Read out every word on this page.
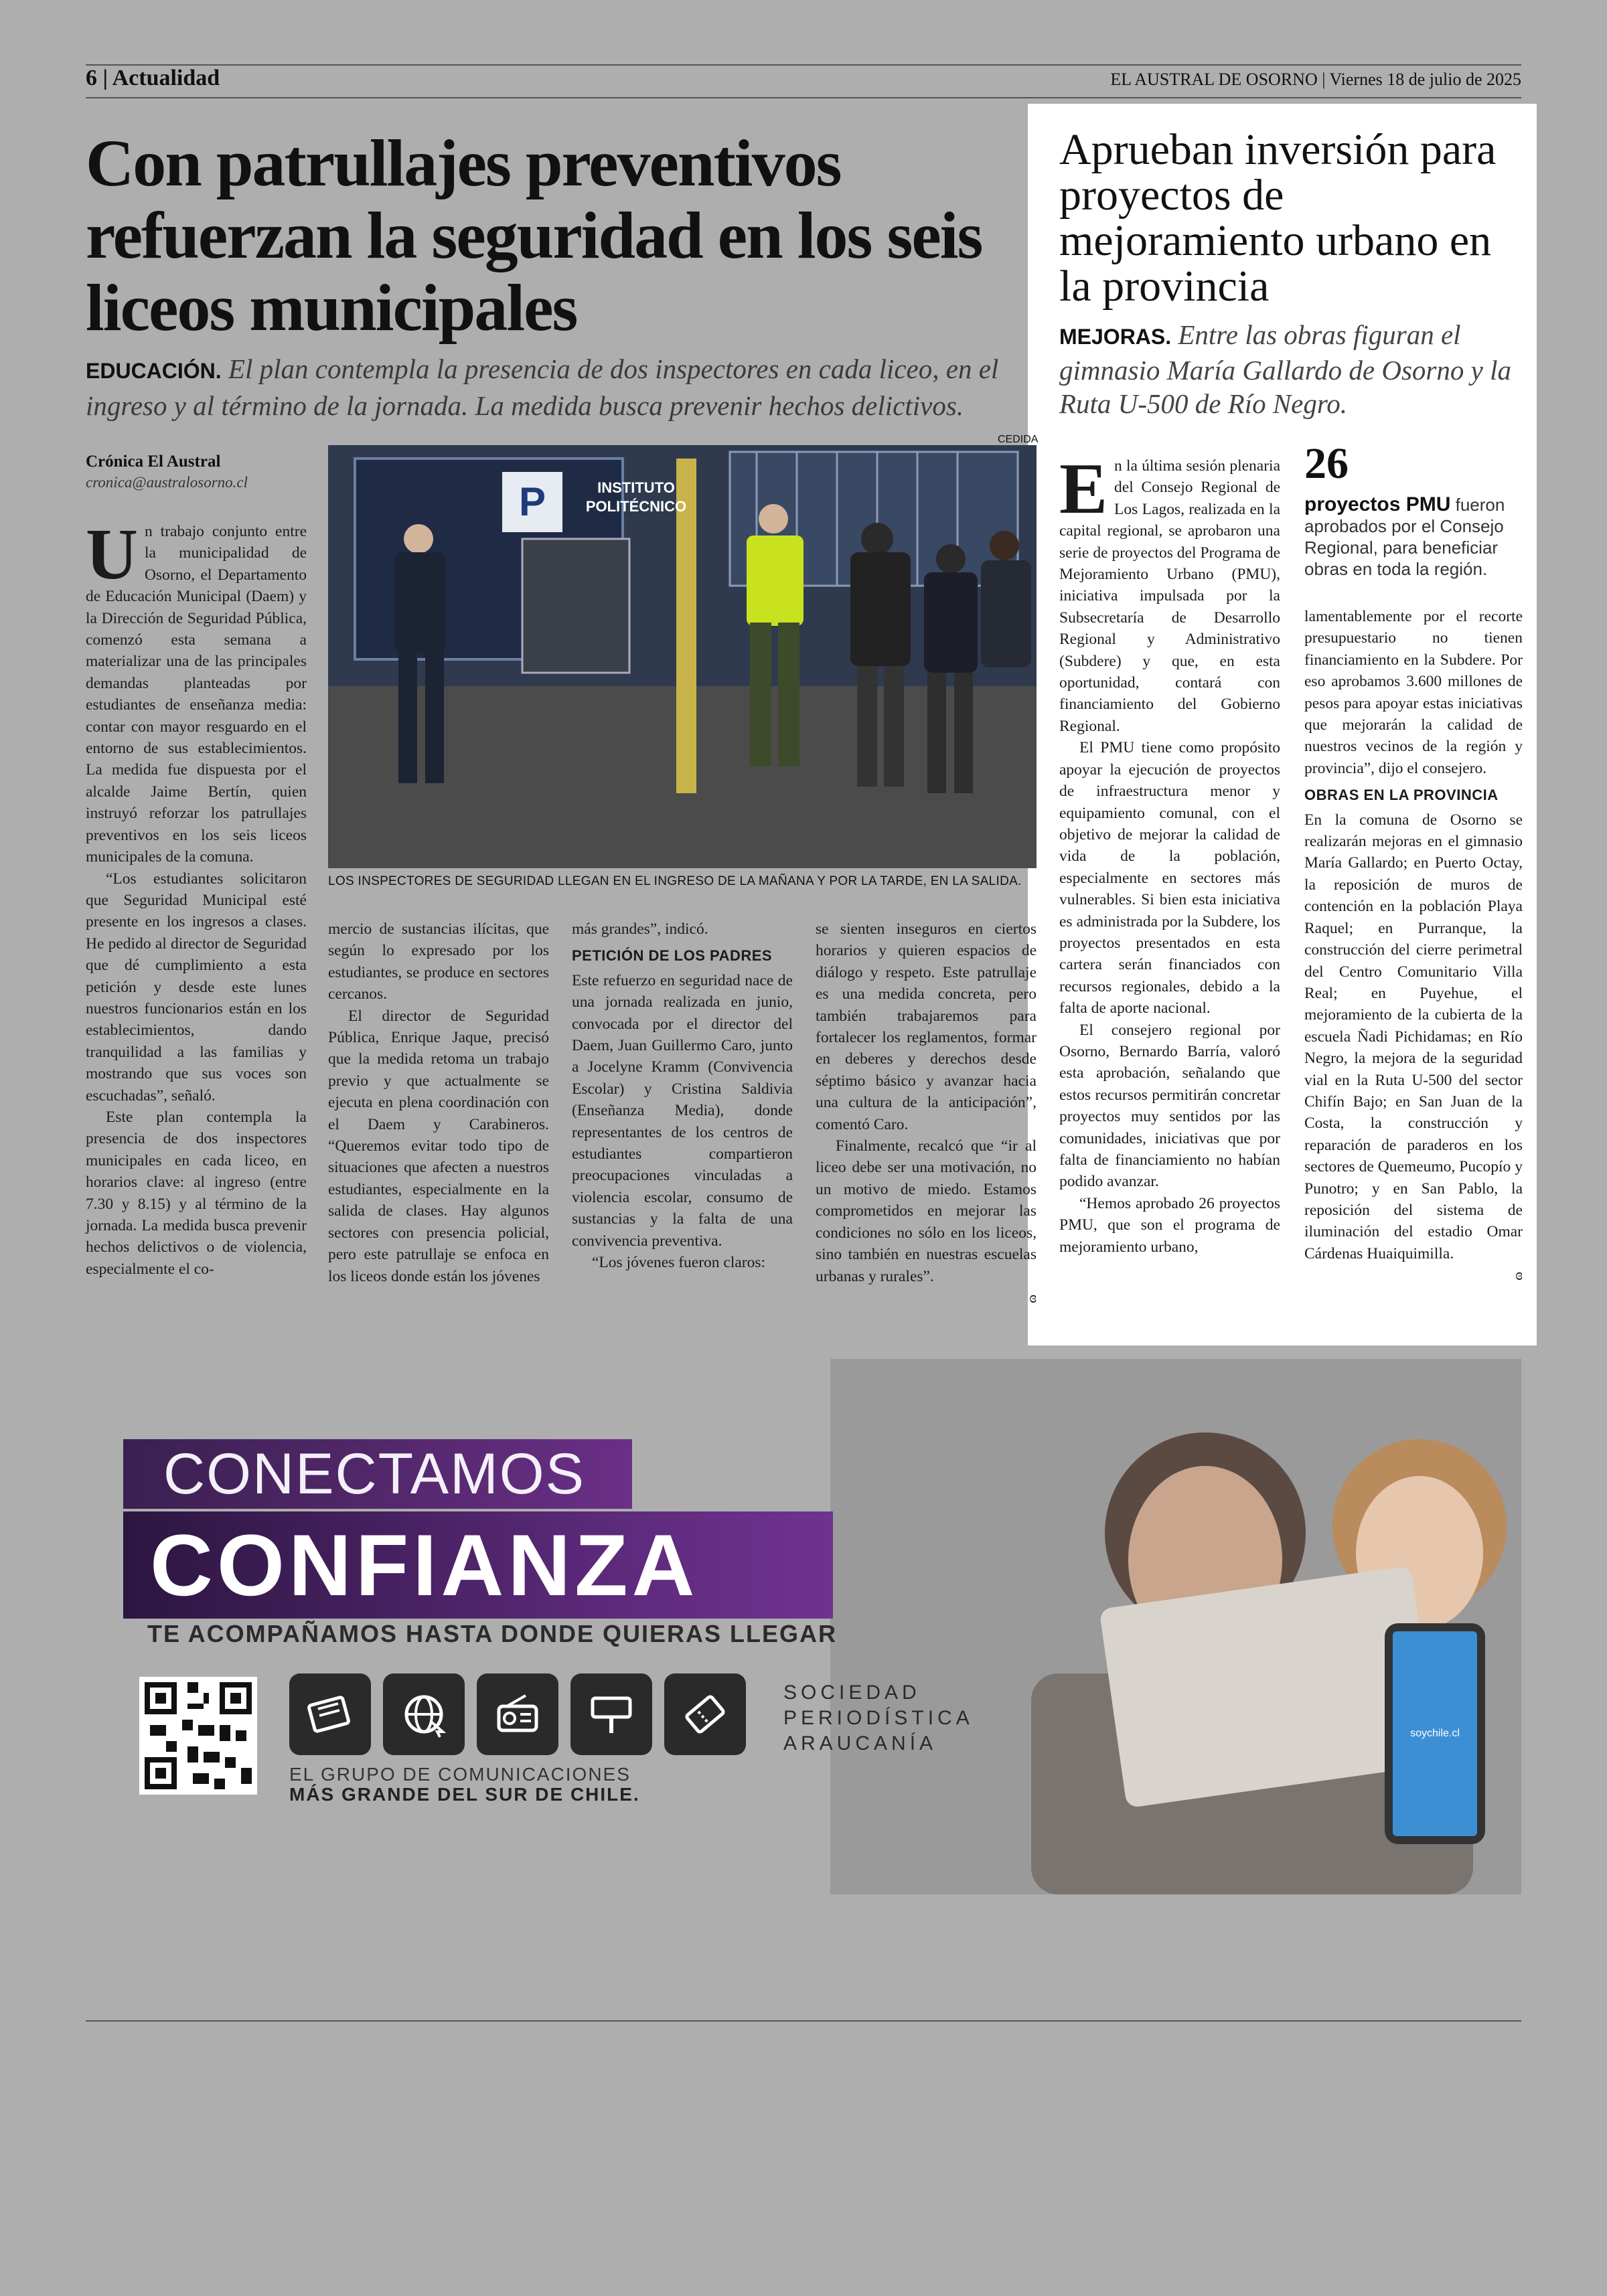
6 | Actualidad	EL AUSTRAL DE OSORNO | Viernes 18 de julio de 2025
Con patrullajes preventivos refuerzan la seguridad en los seis liceos municipales
EDUCACIÓN. El plan contempla la presencia de dos inspectores en cada liceo, en el ingreso y al término de la jornada. La medida busca prevenir hechos delictivos.
Crónica El Austral
cronica@australosorno.cl
CEDIDA
P	INSTITUTO POLITÉCNICO
LOS INSPECTORES DE SEGURIDAD LLEGAN EN EL INGRESO DE LA MAÑANA Y POR LA TARDE, EN LA SALIDA.
U n trabajo conjunto entre la municipalidad de Osorno, el Departamento de Educación Municipal (Daem) y la Dirección de Seguridad Pública, comenzó esta semana a materializar una de las principales demandas planteadas por estudiantes de enseñanza media: contar con mayor resguardo en el entorno de sus establecimientos. La medida fue dispuesta por el alcalde Jaime Bertín, quien instruyó reforzar los patrullajes preventivos en los seis liceos municipales de la comuna.

“Los estudiantes solicitaron que Seguridad Municipal esté presente en los ingresos a clases. He pedido al director de Seguridad que dé cumplimiento a esta petición y desde este lunes nuestros funcionarios están en los establecimientos, dando tranquilidad a las familias y mostrando que sus voces son escuchadas”, señaló.

Este plan contempla la presencia de dos inspectores municipales en cada liceo, en horarios clave: al ingreso (entre 7.30 y 8.15) y al término de la jornada. La medida busca prevenir hechos delictivos o de violencia, especialmente el co-

mercio de sustancias ilícitas, que según lo expresado por los estudiantes, se produce en sectores cercanos.

El director de Seguridad Pública, Enrique Jaque, precisó que la medida retoma un trabajo previo y que actualmente se ejecuta en plena coordinación con el Daem y Carabineros. “Queremos evitar todo tipo de situaciones que afecten a nuestros estudiantes, especialmente en la salida de clases. Hay algunos sectores con presencia policial, pero este patrullaje se enfoca en los liceos donde están los jóvenes

más grandes”, indicó.

PETICIÓN DE LOS PADRES

Este refuerzo en seguridad nace de una jornada realizada en junio, convocada por el director del Daem, Juan Guillermo Caro, junto a Jocelyne Kramm (Convivencia Escolar) y Cristina Saldivia (Enseñanza Media), donde representantes de los centros de estudiantes compartieron preocupaciones vinculadas a violencia escolar, consumo de sustancias y la falta de una convivencia preventiva.

“Los jóvenes fueron claros:

se sienten inseguros en ciertos horarios y quieren espacios de diálogo y respeto. Este patrullaje es una medida concreta, pero también trabajaremos para fortalecer los reglamentos, formar en deberes y derechos desde séptimo básico y avanzar hacia una cultura de la anticipación”, comentó Caro.

Finalmente, recalcó que “ir al liceo debe ser una motivación, no un motivo de miedo. Estamos comprometidos en mejorar las condiciones no sólo en los liceos, sino también en nuestras escuelas urbanas y rurales”.

ɞ
Aprueban inversión para proyectos de mejoramiento urbano en la provincia
MEJORAS. Entre las obras figuran el gimnasio María Gallardo de Osorno y la Ruta U-500 de Río Negro.
26
proyectos PMU fueron aprobados por el Consejo Regional, para beneficiar obras en toda la región.
E n la última sesión plenaria del Consejo Regional de Los Lagos, realizada en la capital regional, se aprobaron una serie de proyectos del Programa de Mejoramiento Urbano (PMU), iniciativa impulsada por la Subsecretaría de Desarrollo Regional y Administrativo (Subdere) y que, en esta oportunidad, contará con financiamiento del Gobierno Regional.

El PMU tiene como propósito apoyar la ejecución de proyectos de infraestructura menor y equipamiento comunal, con el objetivo de mejorar la calidad de vida de la población, especialmente en sectores más vulnerables. Si bien esta iniciativa es administrada por la Subdere, los proyectos presentados en esta cartera serán financiados con recursos regionales, debido a la falta de aporte nacional.

El consejero regional por Osorno, Bernardo Barría, valoró esta aprobación, señalando que estos recursos permitirán concretar proyectos muy sentidos por las comunidades, iniciativas que por falta de financiamiento no habían podido avanzar.

“Hemos aprobado 26 proyectos PMU, que son el programa de mejoramiento urbano,

lamentablemente por el recorte presupuestario no tienen financiamiento en la Subdere. Por eso aprobamos 3.600 millones de pesos para apoyar estas iniciativas que mejorarán la calidad de nuestros vecinos de la región y provincia”, dijo el consejero.

OBRAS EN LA PROVINCIA

En la comuna de Osorno se realizarán mejoras en el gimnasio María Gallardo; en Puerto Octay, la reposición de muros de contención en la población Playa Raquel; en Purranque, la construcción del cierre perimetral del Centro Comunitario Villa Real; en Puyehue, el mejoramiento de la cubierta de la escuela Ñadi Pichidamas; en Río Negro, la mejora de la seguridad vial en la Ruta U-500 del sector Chifín Bajo; en San Juan de la Costa, la construcción y reparación de paraderos en los sectores de Quemeumo, Pucopío y Punotro; y en San Pablo, la reposición del sistema de iluminación del estadio Omar Cárdenas Huaiquimilla.

ɞ
soychile.cl
CONECTAMOS
CONFIANZA
TE ACOMPAÑAMOS HASTA DONDE QUIERAS LLEGAR
EL GRUPO DE COMUNICACIONES
MÁS GRANDE DEL SUR DE CHILE.
SOCIEDAD
PERIODÍSTICA
ARAUCANÍA
